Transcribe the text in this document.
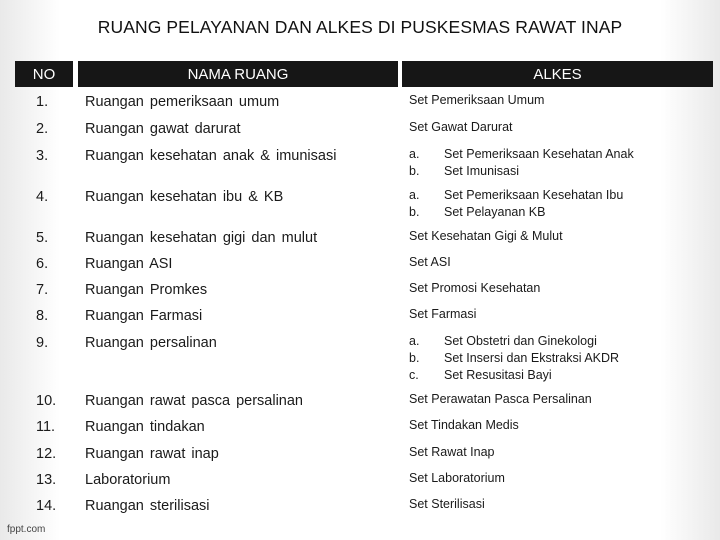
RUANG PELAYANAN DAN ALKES DI PUSKESMAS RAWAT INAP
NO	NAMA RUANG	ALKES
1.	Ruangan pemeriksaan umum	Set Pemeriksaan Umum
2.	Ruangan gawat darurat	Set Gawat Darurat
3.	Ruangan kesehatan anak & imunisasi	a. Set Pemeriksaan Kesehatan Anak
b. Set Imunisasi
4.	Ruangan kesehatan ibu & KB	a. Set Pemeriksaan Kesehatan Ibu
b. Set Pelayanan KB
5.	Ruangan kesehatan gigi dan mulut	Set Kesehatan Gigi & Mulut
6.	Ruangan ASI	Set ASI
7.	Ruangan Promkes	Set Promosi Kesehatan
8.	Ruangan Farmasi	Set Farmasi
9.	Ruangan persalinan	a. Set Obstetri dan Ginekologi
b. Set Insersi dan Ekstraksi AKDR
c. Set Resusitasi Bayi
10. Ruangan rawat pasca persalinan	Set Perawatan Pasca Persalinan
11. Ruangan tindakan	Set Tindakan Medis
12. Ruangan rawat inap	Set Rawat Inap
13. Laboratorium	Set Laboratorium
14. Ruangan sterilisasi	Set Sterilisasi
fppt.com
